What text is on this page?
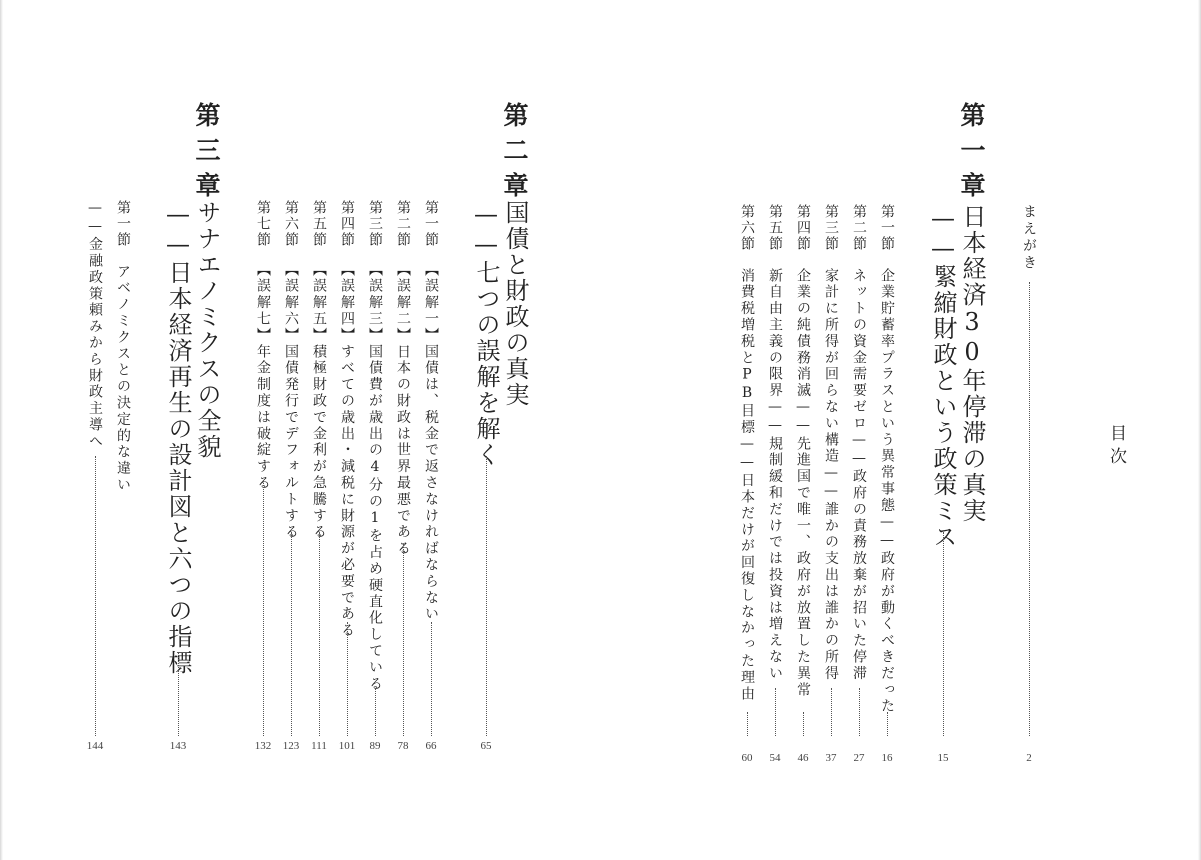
目次
まえがき
2
第一章
日本経済30年停滞の真実
——緊縮財政という政策ミス
15
第一節
企業貯蓄率プラスという異常事態——政府が動くべきだった
16
第二節
ネットの資金需要ゼロ——政府の責務放棄が招いた停滞
27
第三節
家計に所得が回らない構造——誰かの支出は誰かの所得
37
第四節
企業の純債務消滅——先進国で唯一、政府が放置した異常
46
第五節
新自由主義の限界——規制緩和だけでは投資は増えない
54
第六節
消費税増税とPB目標——日本だけが回復しなかった理由
60
第二章
国債と財政の真実
——七つの誤解を解く
65
第一節
【誤解一】国債は、税金で返さなければならない
66
第二節
【誤解二】日本の財政は世界最悪である
78
第三節
【誤解三】国債費が歳出の4分の1を占め硬直化している
89
第四節
【誤解四】すべての歳出・減税に財源が必要である
101
第五節
【誤解五】積極財政で金利が急騰する
111
第六節
【誤解六】国債発行でデフォルトする
123
第七節
【誤解七】年金制度は破綻する
132
第三章
サナエノミクスの全貌
——日本経済再生の設計図と六つの指標
143
第一節
アベノミクスとの決定的な違い
——金融政策頼みから財政主導へ
144
